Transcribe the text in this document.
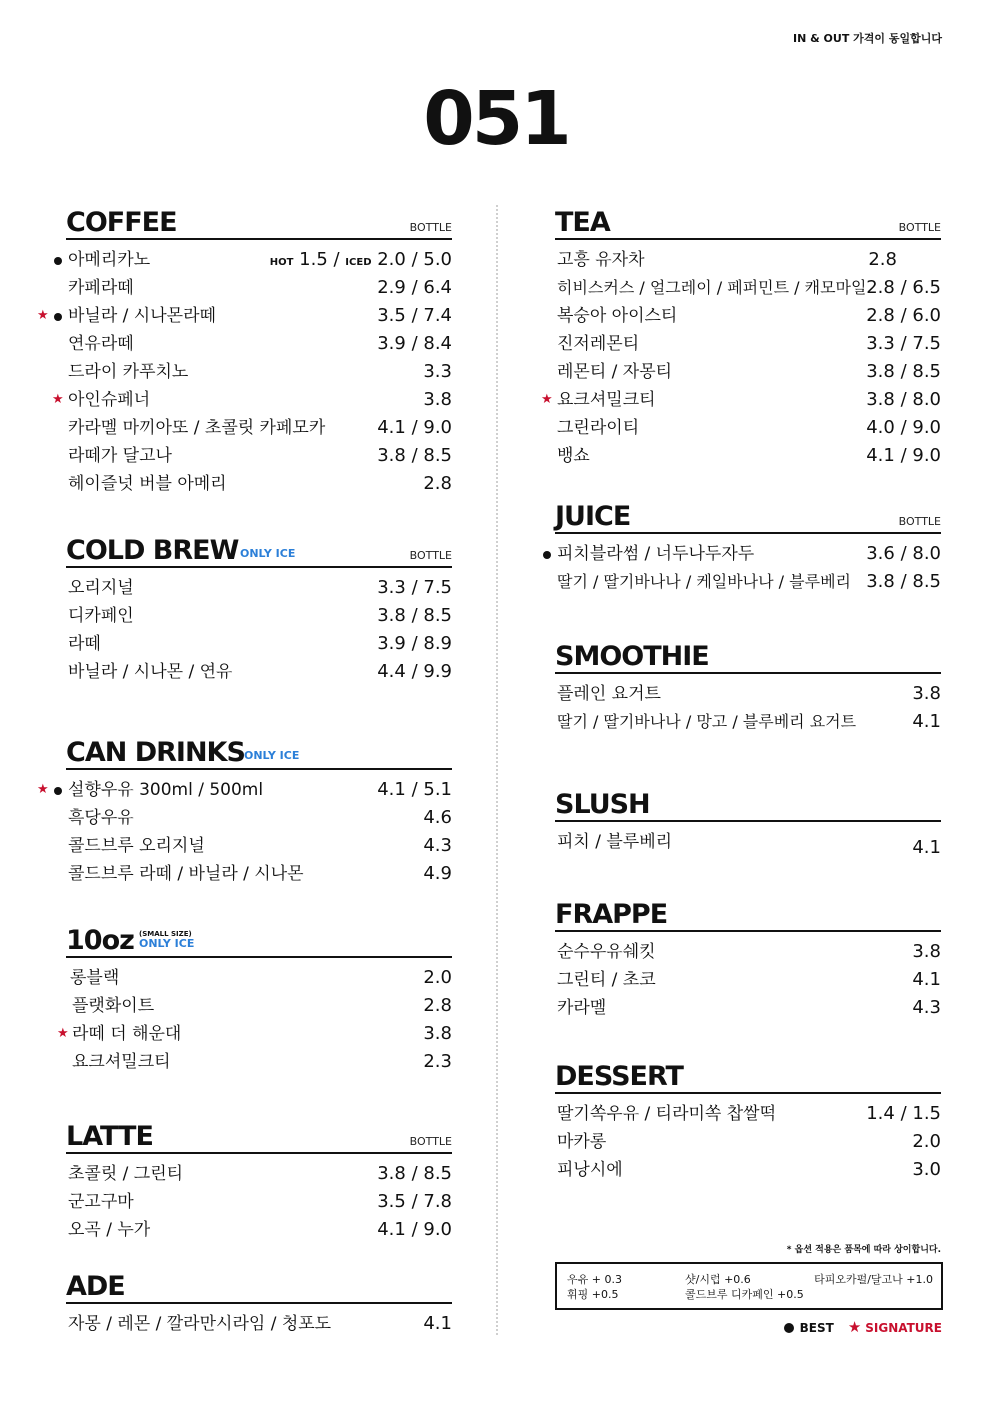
IN & OUT 가격이 동일합니다
051
COFFEE	BOTTLE
아메리카노	HOT 1.5 / ICED 2.0 / 5.0
카페라떼	2.9 / 6.4
★ 바닐라 / 시나몬라떼	3.5 / 7.4
연유라떼	3.9 / 8.4
드라이 카푸치노	3.3
★ 아인슈페너	3.8
카라멜 마끼아또 / 초콜릿 카페모카	4.1 / 9.0
라떼가 달고나	3.8 / 8.5
헤이즐넛 버블 아메리	2.8
COLD BREW ONLY ICE	BOTTLE
오리지널	3.3 / 7.5
디카페인	3.8 / 8.5
라떼	3.9 / 8.9
바닐라 / 시나몬 / 연유	4.4 / 9.9
CAN DRINKS ONLY ICE
★ 설향우유 300ml / 500ml	4.1 / 5.1
흑당우유	4.6
콜드브루 오리지널	4.3
콜드브루 라떼 / 바닐라 / 시나몬	4.9
10oz (SMALL SIZE)
ONLY ICE
롱블랙	2.0
플랫화이트	2.8
★ 라떼 더 해운대	3.8
요크셔밀크티	2.3
LATTE	BOTTLE
초콜릿 / 그린티	3.8 / 8.5
군고구마	3.5 / 7.8
오곡 / 누가	4.1 / 9.0
ADE
자몽 / 레몬 / 깔라만시라임 / 청포도	4.1
TEA	BOTTLE
고흥 유자차	2.8
히비스커스 / 얼그레이 / 페퍼민트 / 캐모마일 2.8 / 6.5
복숭아 아이스티	2.8 / 6.0
진저레몬티	3.3 / 7.5
레몬티 / 자몽티	3.8 / 8.5
★ 요크셔밀크티	3.8 / 8.0
그린라이티	4.0 / 9.0
뱅쇼	4.1 / 9.0
JUICE	BOTTLE
피치블라썸 / 너두나두자두	3.6 / 8.0
딸기 / 딸기바나나 / 케일바나나 / 블루베리 3.8 / 8.5
SMOOTHIE
플레인 요거트	3.8
딸기 / 딸기바나나 / 망고 / 블루베리 요거트	4.1
SLUSH
피치 / 블루베리	4.1
FRAPPE
순수우유쉐킷	3.8
그린티 / 초코	4.1
카라멜	4.3
DESSERT
딸기쏙우유 / 티라미쏙 찹쌀떡	1.4 / 1.5
마카롱	2.0
피낭시에	3.0
* 옵션 적용은 품목에 따라 상이합니다.
우유 + 0.3	샷/시럽 +0.6	타피오카펄/달고나 +1.0
휘핑 +0.5	콜드브루 디카페인 +0.5
BEST ★ SIGNATURE
